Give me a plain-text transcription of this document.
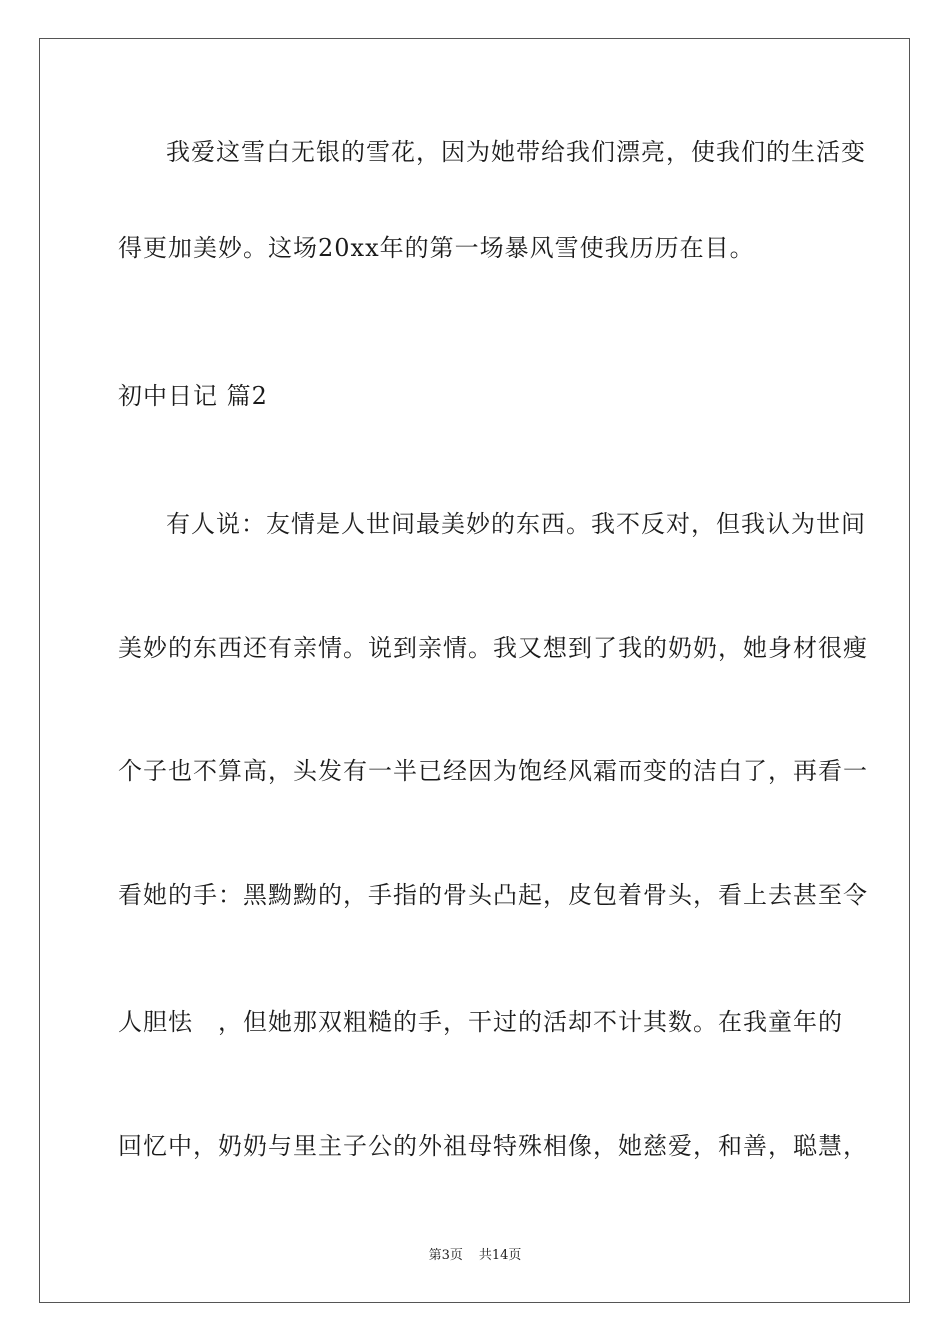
我爱这雪白无银的雪花，因为她带给我们漂亮，使我们的生活变
得更加美妙。这场20xx年的第一场暴风雪使我历历在目。
初中日记 篇2
有人说：友情是人世间最美妙的东西。我不反对，但我认为世间
美妙的东西还有亲情。说到亲情。我又想到了我的奶奶，她身材很瘦
个子也不算高，头发有一半已经因为饱经风霜而变的洁白了，再看一
看她的手：黑黝黝的，手指的骨头凸起，皮包着骨头，看上去甚至令
人胆怯　，但她那双粗糙的手，干过的活却不计其数。在我童年的
回忆中，奶奶与里主子公的外祖母特殊相像，她慈爱，和善，聪慧，
第3页 共14页
